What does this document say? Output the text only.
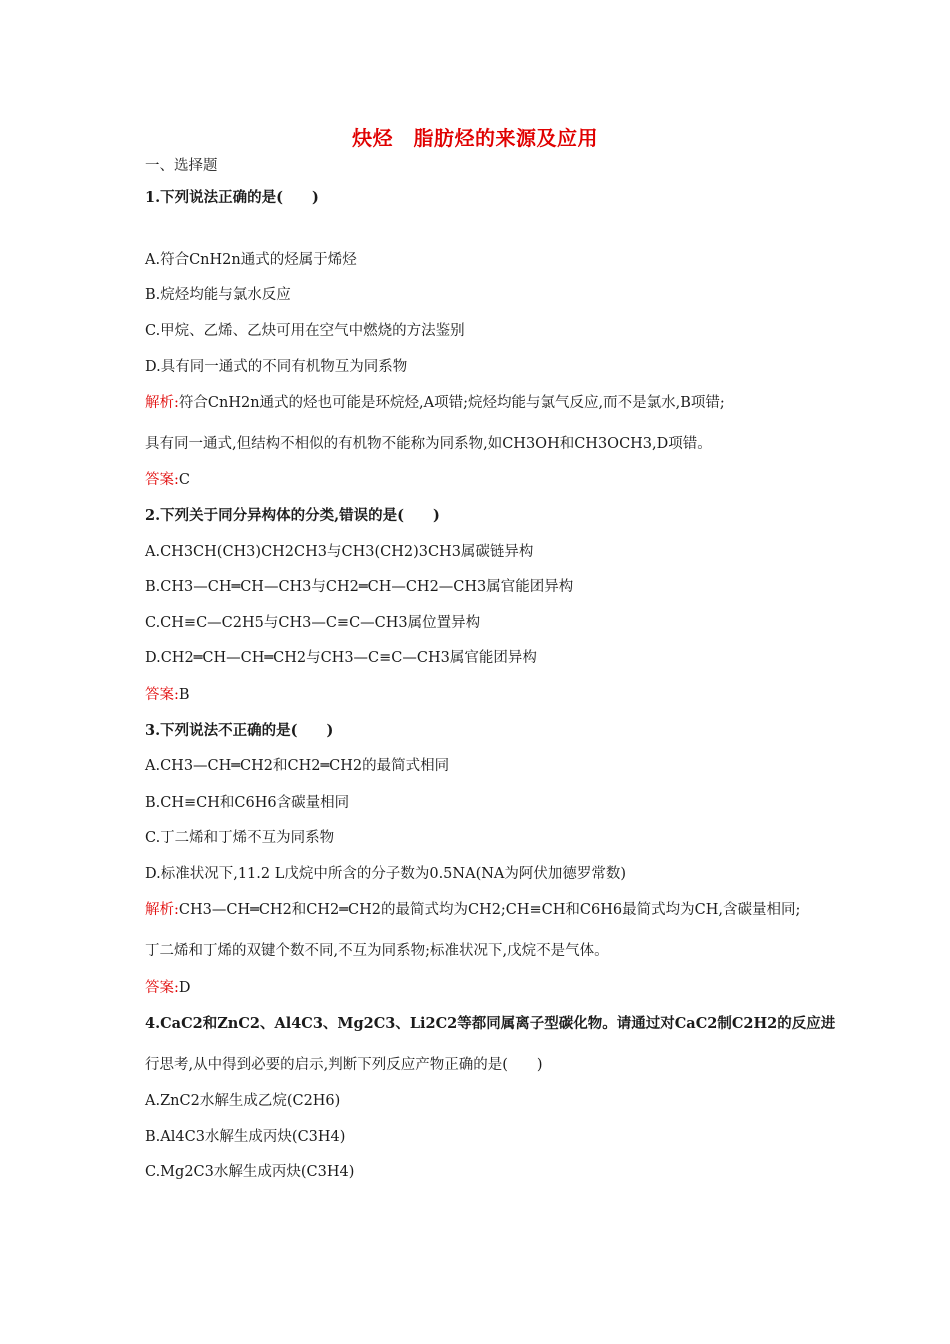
炔烃　脂肪烃的来源及应用
一、选择题
1.下列说法正确的是(　　)
A.符合CnH2n通式的烃属于烯烃
B.烷烃均能与氯水反应
C.甲烷、乙烯、乙炔可用在空气中燃烧的方法鉴别
D.具有同一通式的不同有机物互为同系物
解析:符合CnH2n通式的烃也可能是环烷烃,A项错;烷烃均能与氯气反应,而不是氯水,B项错;
具有同一通式,但结构不相似的有机物不能称为同系物,如CH3OH和CH3OCH3,D项错。
答案:C
2.下列关于同分异构体的分类,错误的是(　　)
A.CH3CH(CH3)CH2CH3与CH3(CH2)3CH3属碳链异构
B.CH3—CH═CH—CH3与CH2═CH—CH2—CH3属官能团异构
C.CH≡C—C2H5与CH3—C≡C—CH3属位置异构
D.CH2═CH—CH═CH2与CH3—C≡C—CH3属官能团异构
答案:B
3.下列说法不正确的是(　　)
A.CH3—CH═CH2和CH2═CH2的最简式相同
B.CH≡CH和C6H6含碳量相同
C.丁二烯和丁烯不互为同系物
D.标准状况下,11.2 L戊烷中所含的分子数为0.5NA(NA为阿伏加德罗常数)
解析:CH3—CH═CH2和CH2═CH2的最简式均为CH2;CH≡CH和C6H6最简式均为CH,含碳量相同;
丁二烯和丁烯的双键个数不同,不互为同系物;标准状况下,戊烷不是气体。
答案:D
4.CaC2和ZnC2、Al4C3、Mg2C3、Li2C2等都同属离子型碳化物。请通过对CaC2制C2H2的反应进
行思考,从中得到必要的启示,判断下列反应产物正确的是(　　)
A.ZnC2水解生成乙烷(C2H6)
B.Al4C3水解生成丙炔(C3H4)
C.Mg2C3水解生成丙炔(C3H4)
